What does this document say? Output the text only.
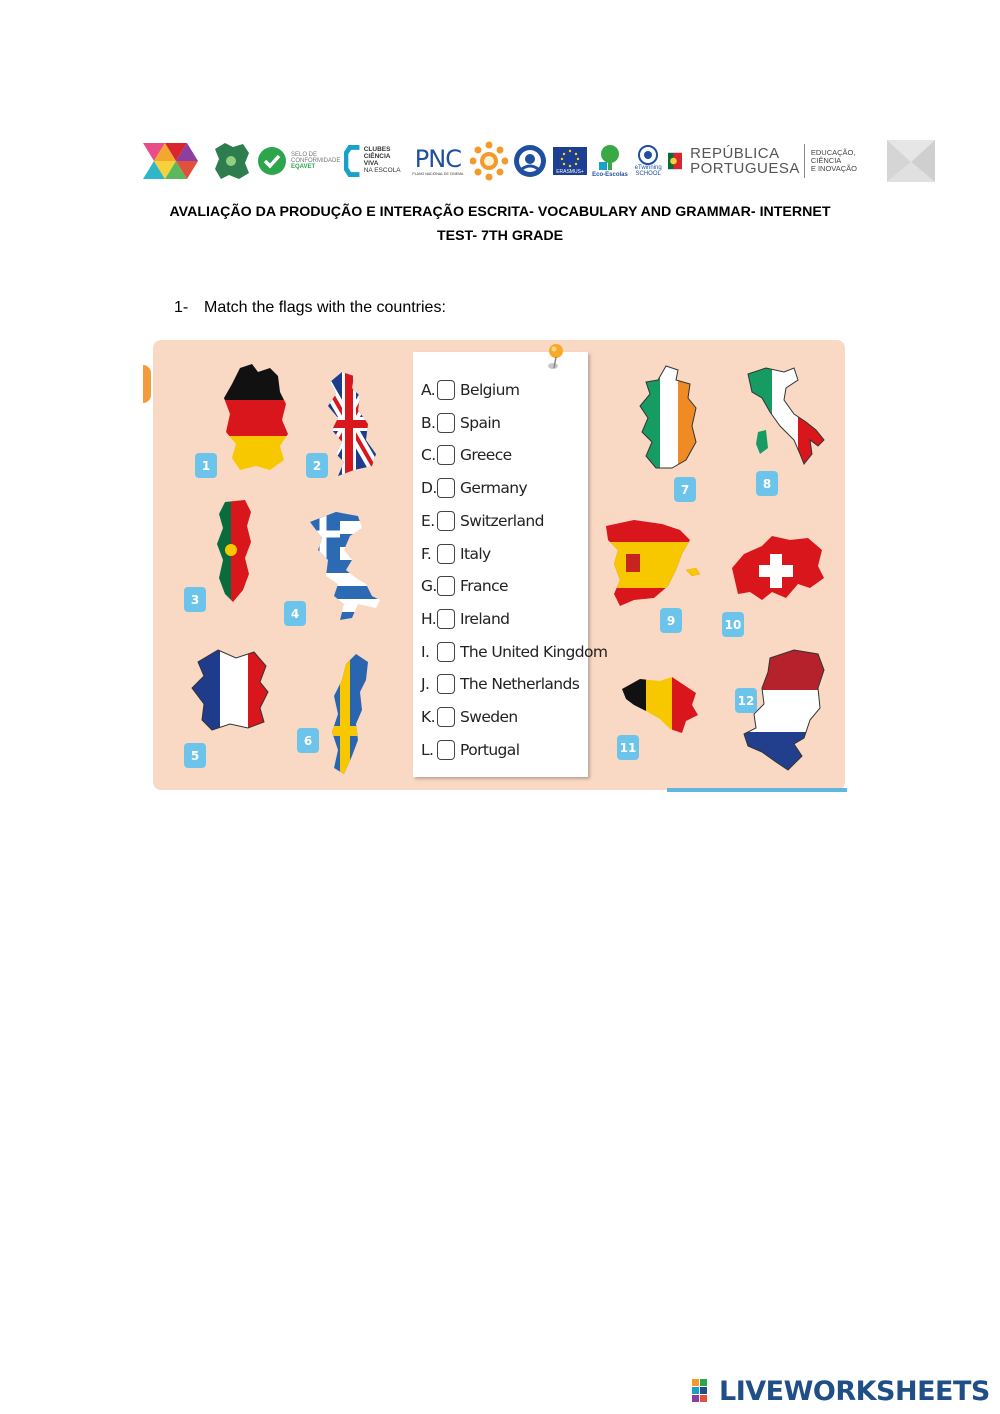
SELO DE
CONFORMIDADE
EQAVET
CLUBES
CIÊNCIA VIVA
NA ESCOLA PNC
PLANO NACIONAL DE CINEMA	ERASMUS+	Eco-Escolas
eTwinning
SCHOOL
REPÚBLICA
PORTUGUESA
EDUCAÇÃO, CIÊNCIA
E INOVAÇÃO
AVALIAÇÃO DA PRODUÇÃO E INTERAÇÃO ESCRITA- VOCABULARY AND GRAMMAR- INTERNET
TEST- 7TH GRADE
1- Match the flags with the countries:
1	2
3
4
5
6
A. Belgium
B. Spain
C. Greece
D. Germany
E. Switzerland
F.	Italy
G. France
H. Ireland
I.	The United Kingdom
J.	The Netherlands
K. Sweden
L. Portugal
7	8
9	10
11
12
LIVEWORKSHEETS
